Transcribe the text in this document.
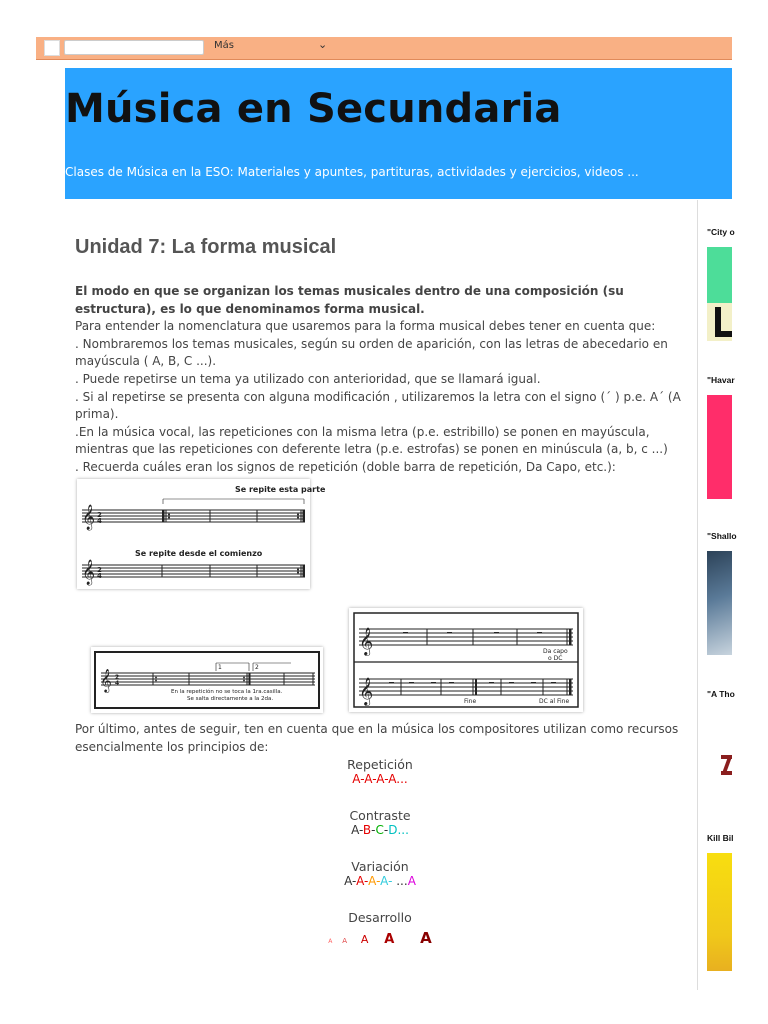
Más	⌄
Música en Secundaria
Clases de Música en la ESO: Materiales y apuntes, partituras, actividades y ejercicios, videos ...
Unidad 7: La forma musical

El modo en que se organizan los temas musicales dentro de una composición (su estructura), es lo que denominamos forma musical.

Para entender la nomenclatura que usaremos para la forma musical debes tener en cuenta que:

. Nombraremos los temas musicales, según su orden de aparición, con las letras de abecedario en mayúscula ( A, B, C ...).

. Puede repetirse un tema ya utilizado con anterioridad, que se llamará igual.

. Si al repetirse se presenta con alguna modificación , utilizaremos la letra con el signo (´ ) p.e. A´ (A prima).

.En la música vocal, las repeticiones con la misma letra (p.e. estribillo) se ponen en mayúscula, mientras que las repeticiones con deferente letra (p.e. estrofas) se ponen en minúscula (a, b, c ...)

. Recuerda cuáles eran los signos de repetición (doble barra de repetición, Da Capo, etc.):

Se repite esta parte
𝄞 2
4
Se repite desde el comienzo
𝄞 2
4
𝄞	Da capo
o DC
𝄞	Fine	DC al Fine
1	2
𝄞 2
4
En la repetición no se toca la 1ra.casilla.
Se salta directamente a la 2da.
Por último, antes de seguir, ten en cuenta que en la música los compositores utilizan como recursos
esencialmente los principios de:
Repetición
A-A-A-A...
Contraste
A-B-C-D...
Variación
A-A-A-A- ...A
Desarrollo
A A A A A
"City o
"Havar
"Shallo
"A Tho
Kill Bil
